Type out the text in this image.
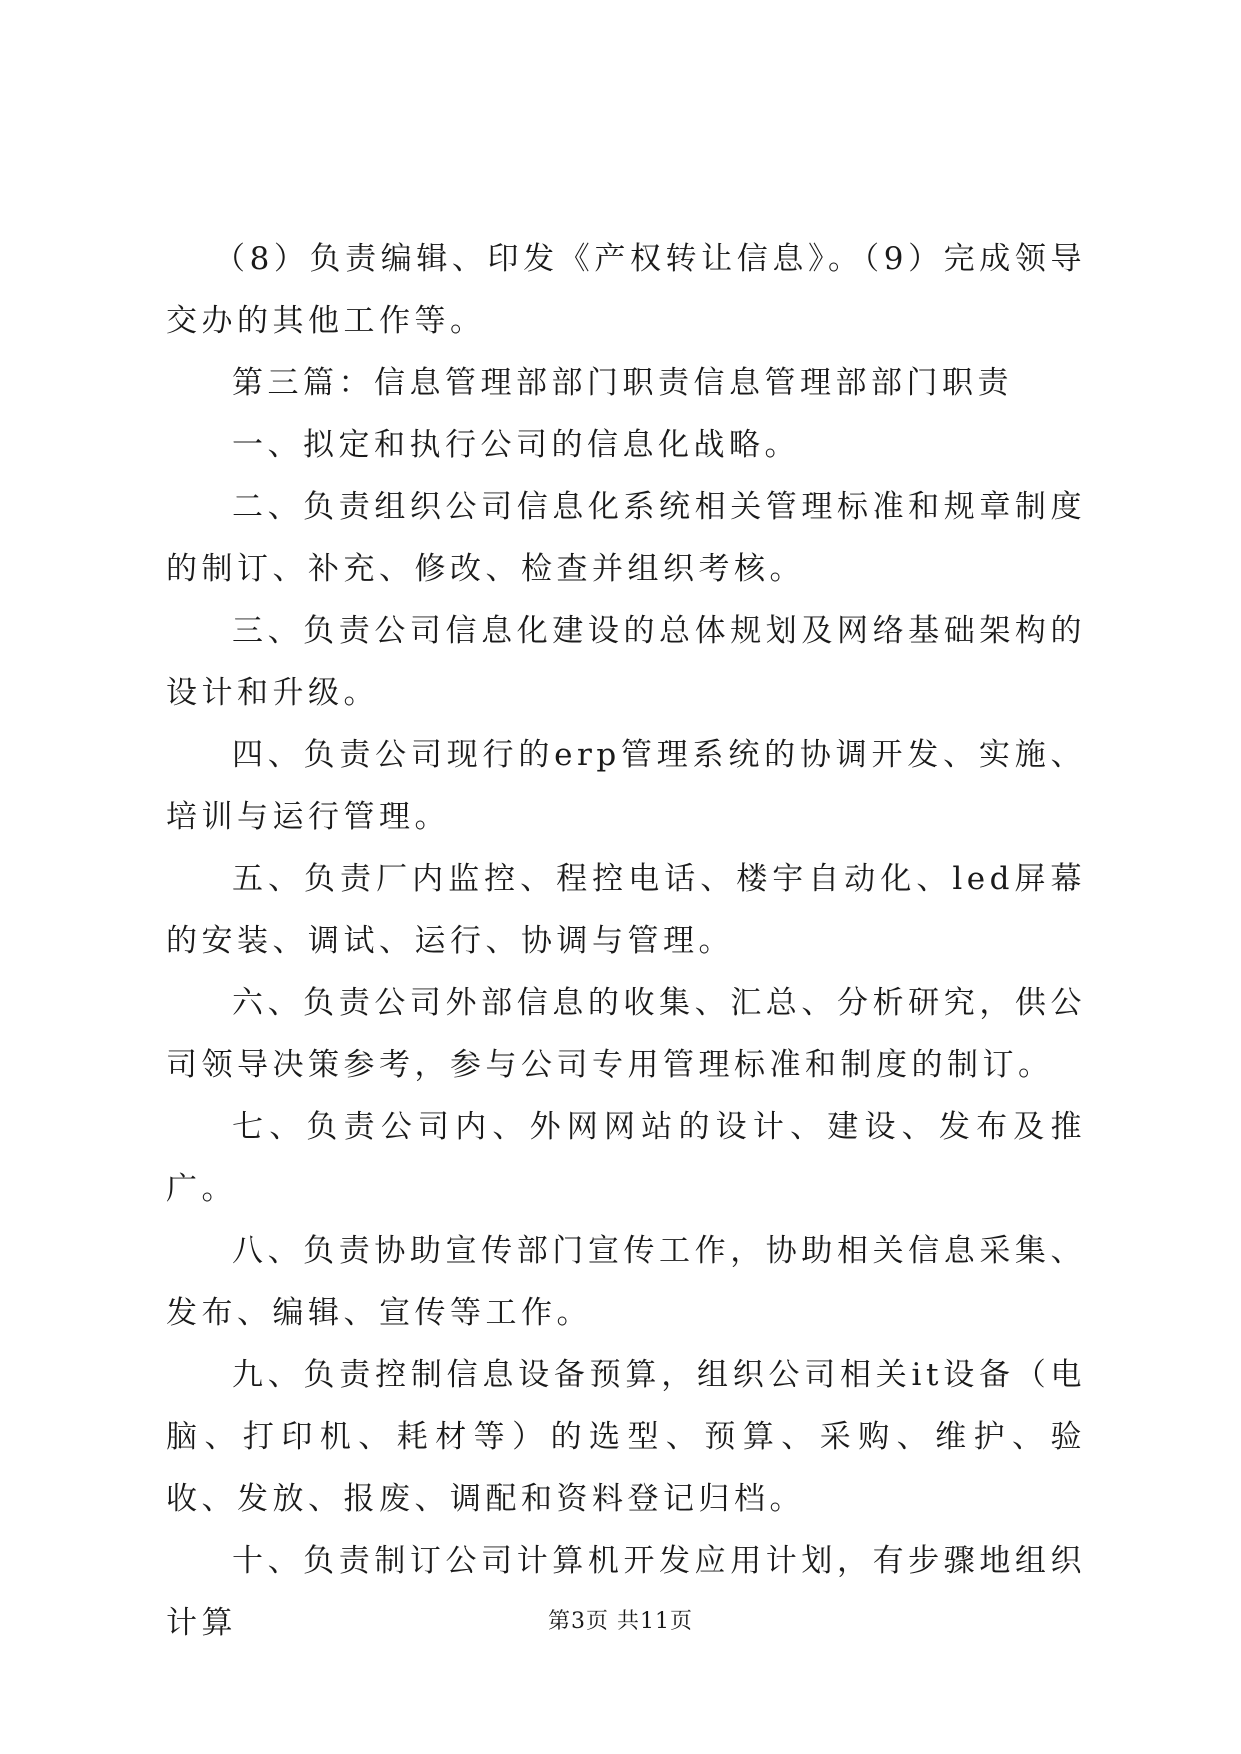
（8）负责编辑、印发《产权转让信息》。（9）完成领导交办的其他工作等。

第三篇：信息管理部部门职责信息管理部部门职责

一、拟定和执行公司的信息化战略。

二、负责组织公司信息化系统相关管理标准和规章制度的制订、补充、修改、检查并组织考核。

三、负责公司信息化建设的总体规划及网络基础架构的设计和升级。

四、负责公司现行的erp管理系统的协调开发、实施、培训与运行管理。

五、负责厂内监控、程控电话、楼宇自动化、led屏幕的安装、调试、运行、协调与管理。

六、负责公司外部信息的收集、汇总、分析研究，供公司领导决策参考，参与公司专用管理标准和制度的制订。

七、负责公司内、外网网站的设计、建设、发布及推广。

八、负责协助宣传部门宣传工作，协助相关信息采集、发布、编辑、宣传等工作。

九、负责控制信息设备预算，组织公司相关it设备（电脑、打印机、耗材等）的选型、预算、采购、维护、验收、发放、报废、调配和资料登记归档。

十、负责制订公司计算机开发应用计划，有步骤地组织计算	第3页 共11页
